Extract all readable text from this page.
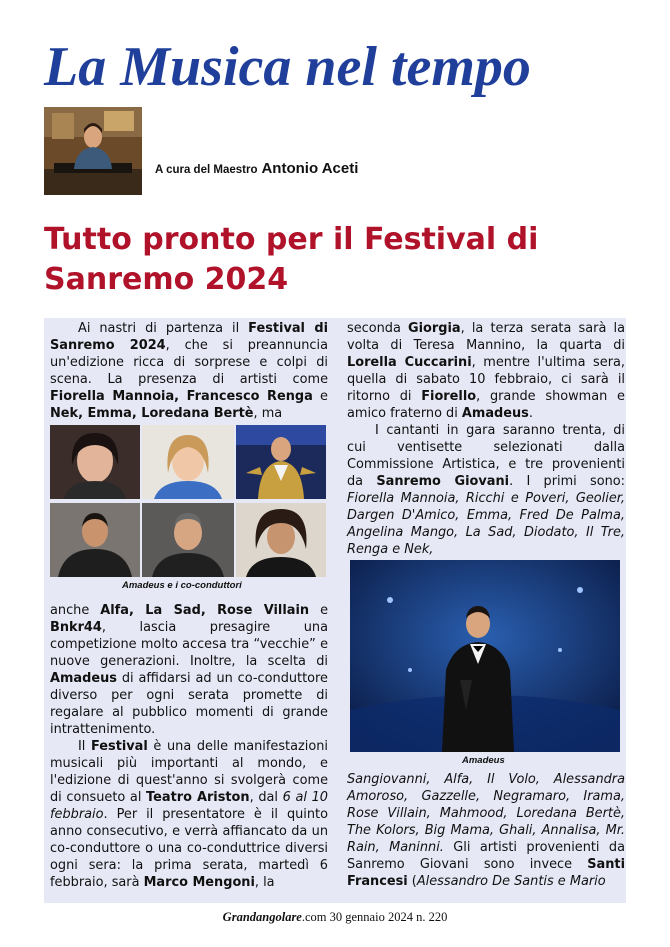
La Musica nel tempo
A cura del Maestro Antonio Aceti
Tutto pronto per il Festival di Sanremo 2024

Ai nastri di partenza il Festival di Sanremo 2024, che si preannuncia un'edizione ricca di sorprese e colpi di scena. La presenza di artisti come Fiorella Mannoia, Francesco Renga e Nek, Emma, Loredana Bertè, ma

Amadeus e i co-conduttori

anche Alfa, La Sad, Rose Villain e Bnkr44, lascia presagire una competizione molto accesa tra “vecchie” e nuove generazioni. Inoltre, la scelta di Amadeus di affidarsi ad un co-conduttore diverso per ogni serata promette di regalare al pubblico momenti di grande intrattenimento.

Il Festival è una delle manifestazioni musicali più importanti al mondo, e l'edizione di quest'anno si svolgerà come di consueto al Teatro Ariston, dal 6 al 10 febbraio. Per il presentatore è il quinto anno consecutivo, e verrà affiancato da un co-conduttore o una co-conduttrice diversi ogni sera: la prima serata, martedì 6 febbraio, sarà Marco Mengoni, la

seconda Giorgia, la terza serata sarà la volta di Teresa Mannino, la quarta di Lorella Cuccarini, mentre l'ultima sera, quella di sabato 10 febbraio, ci sarà il ritorno di Fiorello, grande showman e amico fraterno di Amadeus.

I cantanti in gara saranno trenta, di cui ventisette selezionati dalla Commissione Artistica, e tre provenienti da Sanremo Giovani. I primi sono: Fiorella Mannoia, Ricchi e Poveri, Geolier, Dargen D'Amico, Emma, Fred De Palma, Angelina Mango, La Sad, Diodato, Il Tre, Renga e Nek,

Amadeus

Sangiovanni, Alfa, Il Volo, Alessandra Amoroso, Gazzelle, Negramaro, Irama, Rose Villain, Mahmood, Loredana Bertè, The Kolors, Big Mama, Ghali, Annalisa, Mr. Rain, Maninni. Gli artisti provenienti da Sanremo Giovani sono invece Santi Francesi (Alessandro De Santis e Mario

Grandangolare.com 30 gennaio 2024 n. 220
